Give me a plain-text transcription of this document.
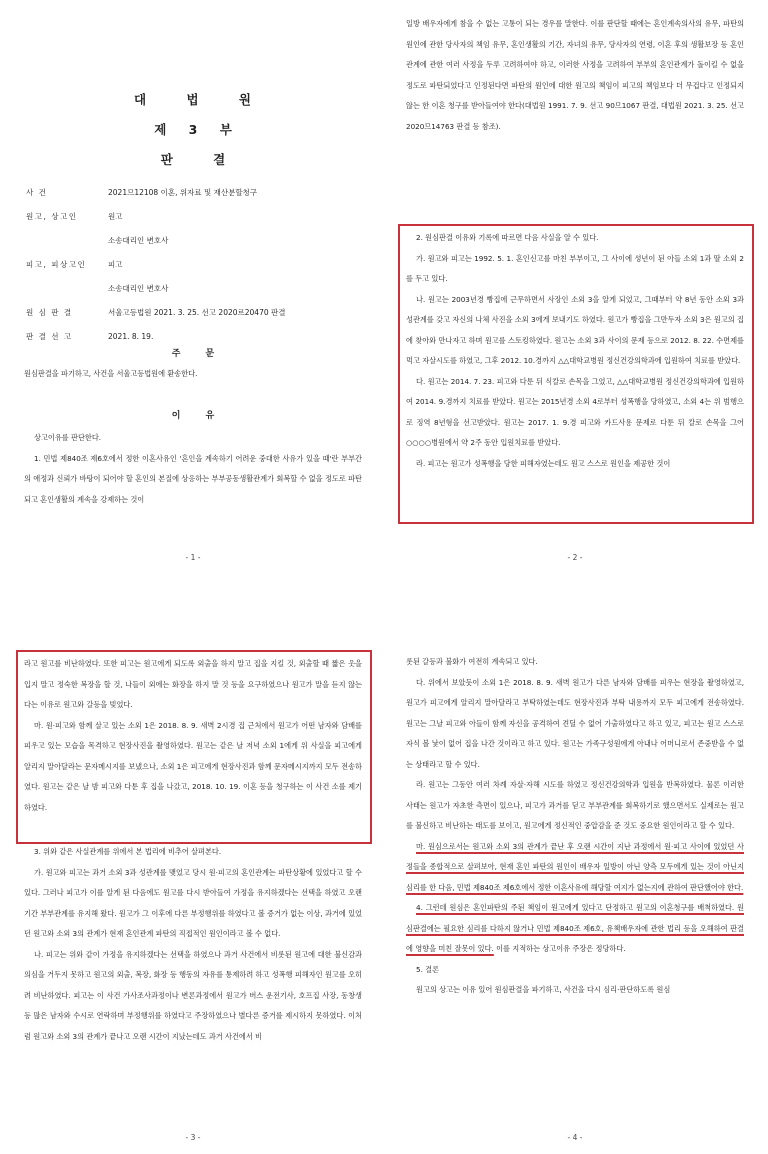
대 법 원
제 3 부
판 결
사 건	2021므12108 이혼, 위자료 및 재산분할청구
원고, 상고인	원고
소송대리인 변호사
피고, 피상고인	피고
소송대리인 변호사
원 심 판 결	서울고등법원 2021. 3. 25. 선고 2020르20470 판결
판 결 선 고	2021. 8. 19.
주 문

원심판결을 파기하고, 사건을 서울고등법원에 환송한다.

이 유

상고이유를 판단한다.

1. 민법 제840조 제6호에서 정한 이혼사유인 '혼인을 계속하기 어려운 중대한 사유가 있을 때'란 부부간의 애정과 신뢰가 바탕이 되어야 할 혼인의 본질에 상응하는 부부공동생활관계가 회복할 수 없을 정도로 파탄되고 혼인생활의 계속을 강제하는 것이

- 1 -

일방 배우자에게 참을 수 없는 고통이 되는 경우를 말한다. 이를 판단할 때에는 혼인계속의사의 유무, 파탄의 원인에 관한 당사자의 책임 유무, 혼인생활의 기간, 자녀의 유무, 당사자의 연령, 이혼 후의 생활보장 등 혼인관계에 관한 여러 사정을 두루 고려하여야 하고, 이러한 사정을 고려하여 부부의 혼인관계가 돌이킬 수 없을 정도로 파탄되었다고 인정된다면 파탄의 원인에 대한 원고의 책임이 피고의 책임보다 더 무겁다고 인정되지 않는 한 이혼 청구를 받아들여야 한다(대법원 1991. 7. 9. 선고 90므1067 판결, 대법원 2021. 3. 25. 선고 2020므14763 판결 등 참조).

2. 원심판결 이유와 기록에 따르면 다음 사실을 알 수 있다.

가. 원고와 피고는 1992. 5. 1. 혼인신고를 마친 부부이고, 그 사이에 성년이 된 아들 소외 1과 딸 소외 2를 두고 있다.

나. 원고는 2003년경 빵집에 근무하면서 사장인 소외 3을 알게 되었고, 그때부터 약 8년 동안 소외 3과 성관계를 갖고 자신의 나체 사진을 소외 3에게 보내기도 하였다. 원고가 빵집을 그만두자 소외 3은 원고의 집에 찾아와 만나자고 하며 원고를 스토킹하였다. 원고는 소외 3과 사이의 문제 등으로 2012. 8. 22. 수면제를 먹고 자살시도를 하였고, 그후 2012. 10.경까지 △△대학교병원 정신건강의학과에 입원하여 치료를 받았다.

다. 원고는 2014. 7. 23. 피고와 다툰 뒤 식칼로 손목을 그었고, △△대학교병원 정신건강의학과에 입원하여 2014. 9.경까지 치료를 받았다. 원고는 2015년경 소외 4로부터 성폭행을 당하였고, 소외 4는 위 범행으로 징역 8년형을 선고받았다. 원고는 2017. 1. 9.경 피고와 카드사용 문제로 다툰 뒤 칼로 손목을 그어 ○○○○병원에서 약 2주 동안 입원치료를 받았다.

라. 피고는 원고가 성폭행을 당한 피해자였는데도 원고 스스로 원인을 제공한 것이

- 2 -

라고 원고를 비난하였다. 또한 피고는 원고에게 되도록 외출을 하지 말고 집을 지킬 것, 외출할 때 짧은 옷을 입지 말고 정숙한 복장을 할 것, 나들이 외에는 화장을 하지 말 것 등을 요구하였으나 원고가 말을 듣지 않는다는 이유로 원고와 갈등을 빚었다.

마. 원·피고와 함께 살고 있는 소외 1은 2018. 8. 9. 새벽 2시경 집 근처에서 원고가 어떤 남자와 담배를 피우고 있는 모습을 목격하고 현장사진을 촬영하였다. 원고는 같은 날 저녁 소외 1에게 위 사실을 피고에게 알리지 말아달라는 문자메시지를 보냈으나, 소외 1은 피고에게 현장사진과 함께 문자메시지까지 모두 전송하였다. 원고는 같은 날 밤 피고와 다툰 후 집을 나갔고, 2018. 10. 19. 이혼 등을 청구하는 이 사건 소를 제기하였다.

3. 위와 같은 사실관계를 위에서 본 법리에 비추어 살펴본다.

가. 원고와 피고는 과거 소외 3과 성관계를 맺었고 당시 원·피고의 혼인관계는 파탄상황에 있었다고 할 수 있다. 그러나 피고가 이를 알게 된 다음에도 원고를 다시 받아들여 가정을 유지하겠다는 선택을 하였고 오랜 기간 부부관계를 유지해 왔다. 원고가 그 이후에 다른 부정행위를 하였다고 볼 증거가 없는 이상, 과거에 있었던 원고와 소외 3의 관계가 현재 혼인관계 파탄의 직접적인 원인이라고 볼 수 없다.

나. 피고는 위와 같이 가정을 유지하겠다는 선택을 하였으나 과거 사건에서 비롯된 원고에 대한 불신감과 의심을 거두지 못하고 원고의 외출, 복장, 화장 등 행동의 자유를 통제하려 하고 성폭행 피해자인 원고를 오히려 비난하였다. 피고는 이 사건 가사조사과정이나 변론과정에서 원고가 버스 운전기사, 호프집 사장, 동창생 등 많은 남자와 수시로 연락하며 부정행위를 하였다고 주장하였으나 별다른 증거를 제시하지 못하였다. 이처럼 원고와 소외 3의 관계가 끝나고 오랜 시간이 지났는데도 과거 사건에서 비

- 3 -

롯된 갈등과 불화가 여전히 계속되고 있다.

다. 위에서 보았듯이 소외 1은 2018. 8. 9. 새벽 원고가 다른 남자와 담배를 피우는 현장을 촬영하였고, 원고가 피고에게 알리지 말아달라고 부탁하였는데도 현장사진과 부탁 내용까지 모두 피고에게 전송하였다. 원고는 그날 피고와 아들이 함께 자신을 공격하여 견딜 수 없어 가출하였다고 하고 있고, 피고는 원고 스스로 자식 볼 낯이 없어 집을 나간 것이라고 하고 있다. 원고는 가족구성원에게 아내나 어머니로서 존중받을 수 없는 상태라고 할 수 있다.

라. 원고는 그동안 여러 차례 자살·자해 시도를 하였고 정신건강의학과 입원을 반복하였다. 물론 이러한 사태는 원고가 자초한 측면이 있으나, 피고가 과거를 딛고 부부관계를 회복하기로 했으면서도 실제로는 원고를 불신하고 비난하는 태도를 보이고, 원고에게 정신적인 중압감을 준 것도 중요한 원인이라고 할 수 있다.

마. 원심으로서는 원고와 소외 3의 관계가 끝난 후 오랜 시간이 지난 과정에서 원·피고 사이에 있었던 사정들을 종합적으로 살펴보아, 현재 혼인 파탄의 원인이 배우자 일방이 아닌 양측 모두에게 있는 것이 아닌지 심리를 한 다음, 민법 제840조 제6호에서 정한 이혼사유에 해당할 여지가 없는지에 관하여 판단했어야 한다.

4. 그런데 원심은 혼인파탄의 주된 책임이 원고에게 있다고 단정하고 원고의 이혼청구를 배척하였다. 원심판결에는 필요한 심리를 다하지 않거나 민법 제840조 제6호, 유책배우자에 관한 법리 등을 오해하여 판결에 영향을 미친 잘못이 있다. 이를 지적하는 상고이유 주장은 정당하다.

5. 결론

원고의 상고는 이유 있어 원심판결을 파기하고, 사건을 다시 심리·판단하도록 원심

- 4 -
